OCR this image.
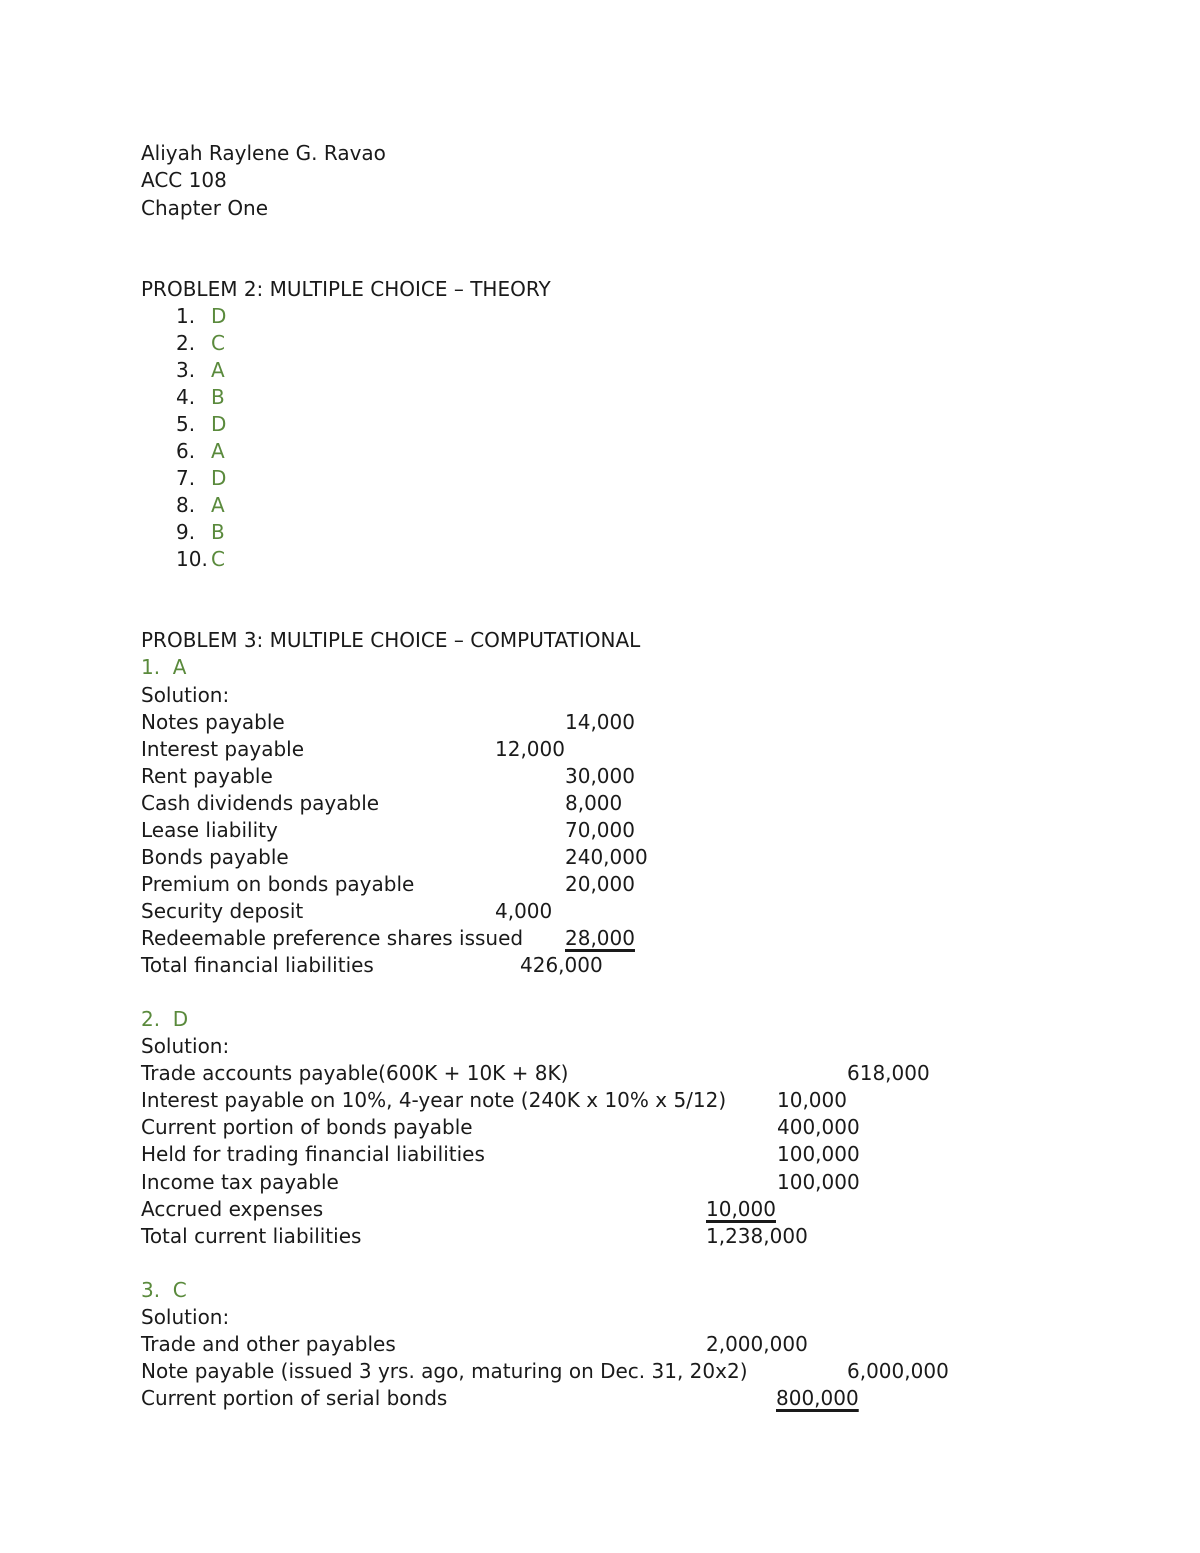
Aliyah Raylene G. Ravao
ACC 108
Chapter One
PROBLEM 2: MULTIPLE CHOICE – THEORY
1. D
2. C
3. A
4. B
5. D
6. A
7. D
8. A
9. B
10. C
PROBLEM 3: MULTIPLE CHOICE – COMPUTATIONAL
1.  A
Solution:
Notes payable	14,000
Interest payable	12,000
Rent payable	30,000
Cash dividends payable	8,000
Lease liability	70,000
Bonds payable	240,000
Premium on bonds payable	20,000
Security deposit	4,000
Redeemable preference shares issued 28,000
Total financial liabilities	426,000
2.  D
Solution:
Trade accounts payable(600K + 10K + 8K)	618,000
Interest payable on 10%, 4-year note (240K x 10% x 5/12)	10,000
Current portion of bonds payable	400,000
Held for trading financial liabilities	100,000
Income tax payable	100,000
Accrued expenses	10,000
Total current liabilities	1,238,000
3.  C
Solution:
Trade and other payables	2,000,000
Note payable (issued 3 yrs. ago, maturing on Dec. 31, 20x2)	6,000,000
Current portion of serial bonds	800,000
